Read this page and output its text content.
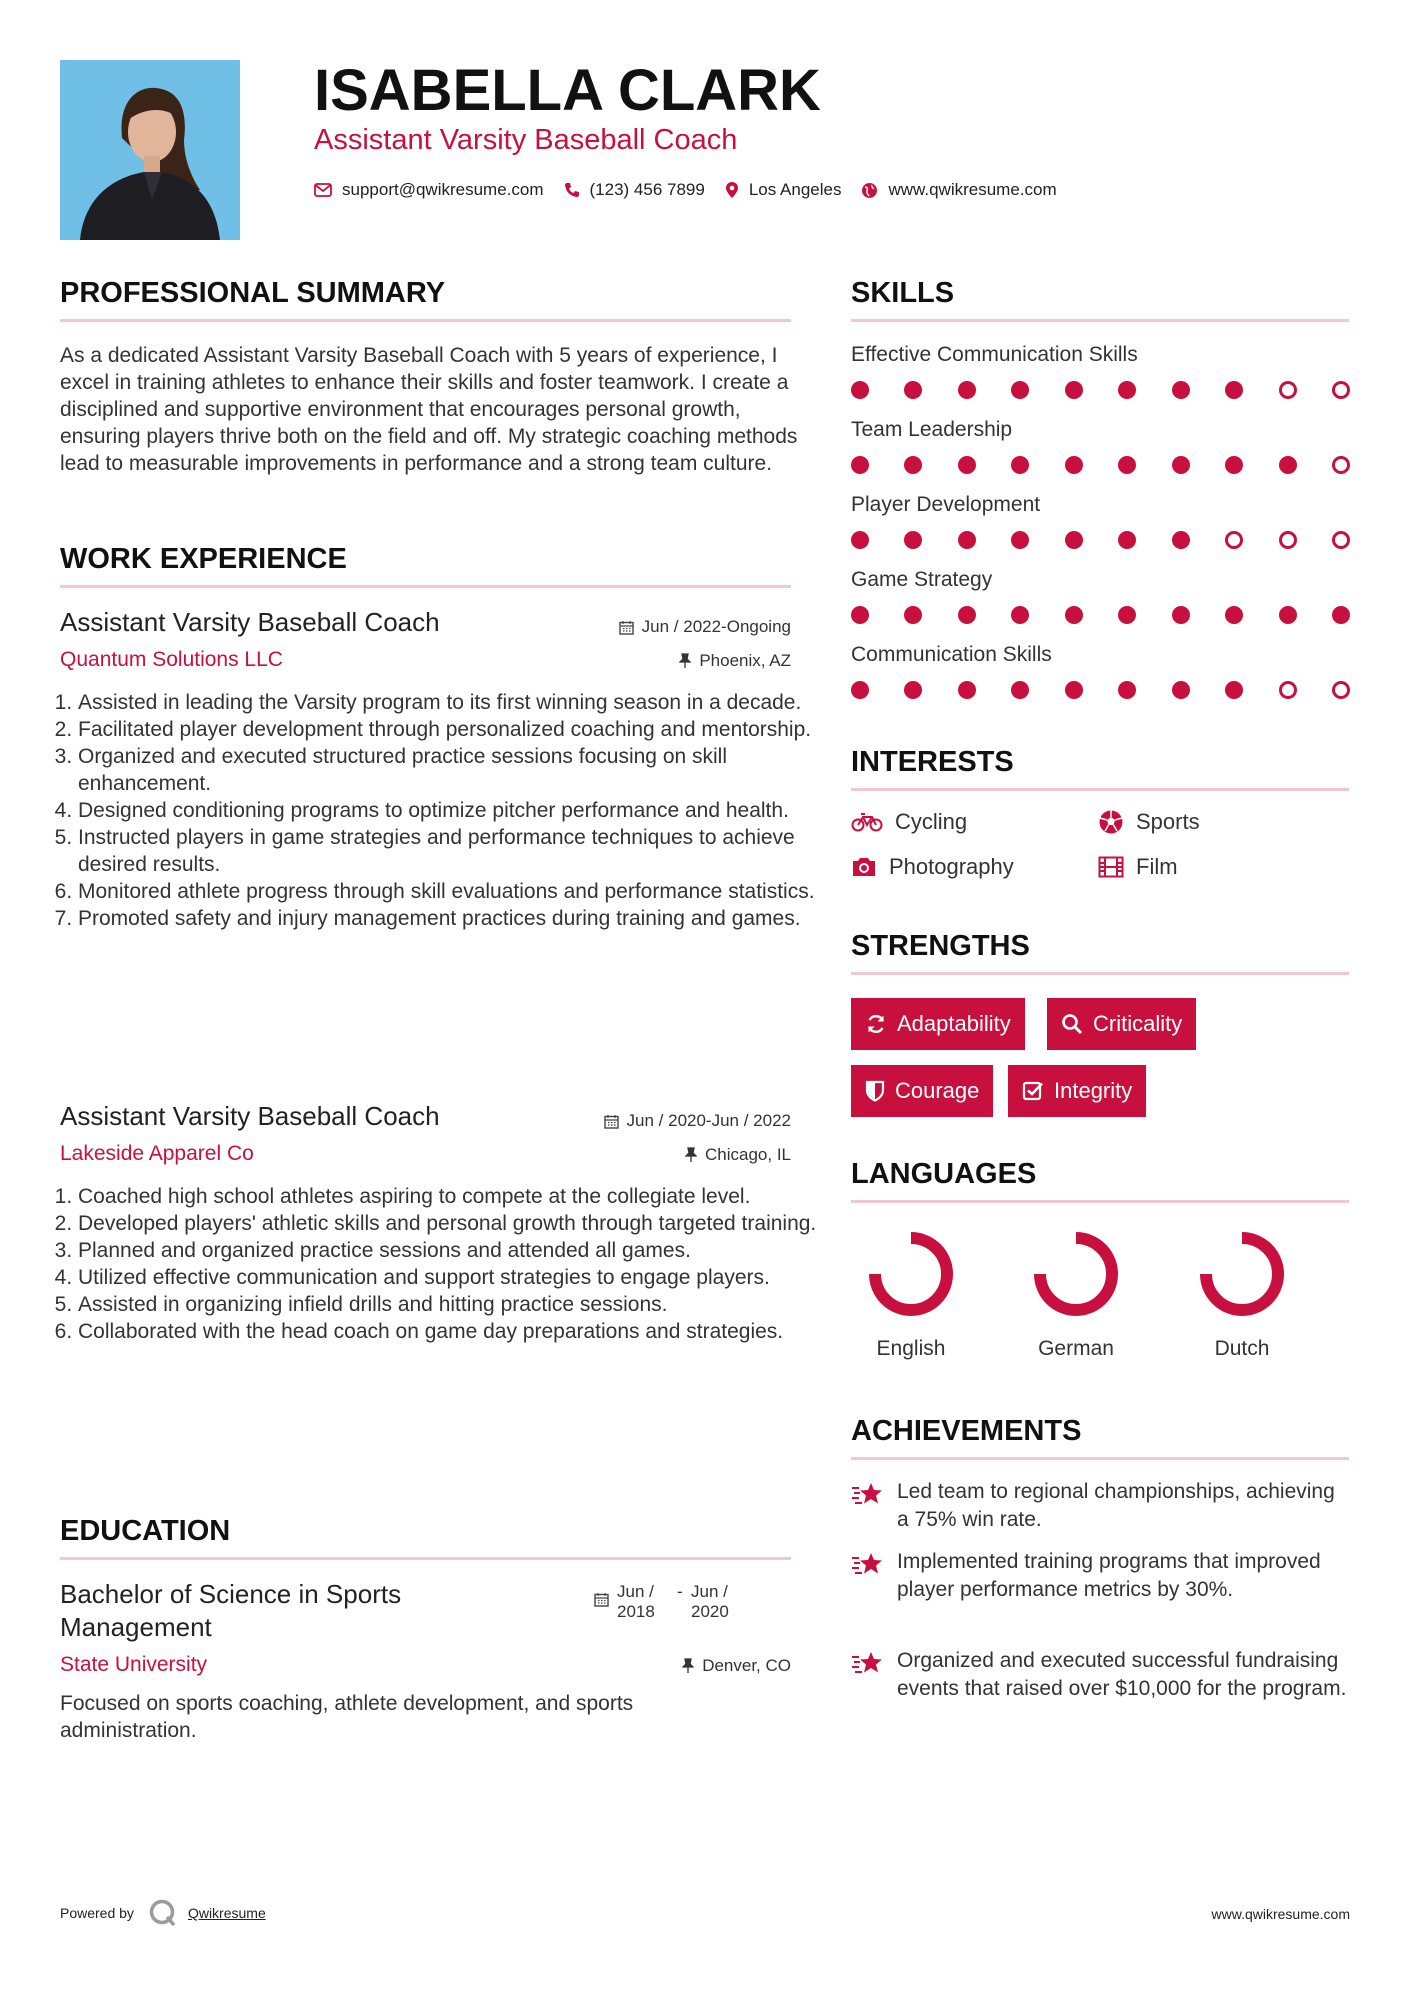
ISABELLA CLARK
Assistant Varsity Baseball Coach
support@qwikresume.com	(123) 456 7899	Los Angeles	www.qwikresume.com
PROFESSIONAL SUMMARY

As a dedicated Assistant Varsity Baseball Coach with 5 years of experience, I excel in training athletes to enhance their skills and foster teamwork. I create a disciplined and supportive environment that encourages personal growth, ensuring players thrive both on the field and off. My strategic coaching methods lead to measurable improvements in performance and a strong team culture.

WORK EXPERIENCE
Assistant Varsity Baseball Coach	Jun / 2022-Ongoing
Quantum Solutions LLC	Phoenix, AZ
1. Assisted in leading the Varsity program to its first winning season in a decade.
2. Facilitated player development through personalized coaching and mentorship.
3. Organized and executed structured practice sessions focusing on skill enhancement.
4. Designed conditioning programs to optimize pitcher performance and health.
5. Instructed players in game strategies and performance techniques to achieve desired results.
6. Monitored athlete progress through skill evaluations and performance statistics.
7. Promoted safety and injury management practices during training and games.
Assistant Varsity Baseball Coach	Jun / 2020-Jun / 2022
Lakeside Apparel Co	Chicago, IL
1. Coached high school athletes aspiring to compete at the collegiate level.
2. Developed players' athletic skills and personal growth through targeted training.
3. Planned and organized practice sessions and attended all games.
4. Utilized effective communication and support strategies to engage players.
5. Assisted in organizing infield drills and hitting practice sessions.
6. Collaborated with the head coach on game day preparations and strategies.
EDUCATION
Bachelor of Science in Sports
Management
Jun / 2018
- Jun / 2020
State University	Denver, CO

Focused on sports coaching, athlete development, and sports administration.

SKILLS
Effective Communication Skills
Team Leadership
Player Development
Game Strategy
Communication Skills
INTERESTS
Cycling	Sports
Photography	Film
STRENGTHS
Adaptability	Criticality
Courage	Integrity
LANGUAGES
English	German	Dutch
ACHIEVEMENTS
Led team to regional championships, achieving a 75% win rate.
Implemented training programs that improved player performance metrics by 30%.
Organized and executed successful fundraising events that raised over $10,000 for the program.
Powered by	Qwikresume	www.qwikresume.com
